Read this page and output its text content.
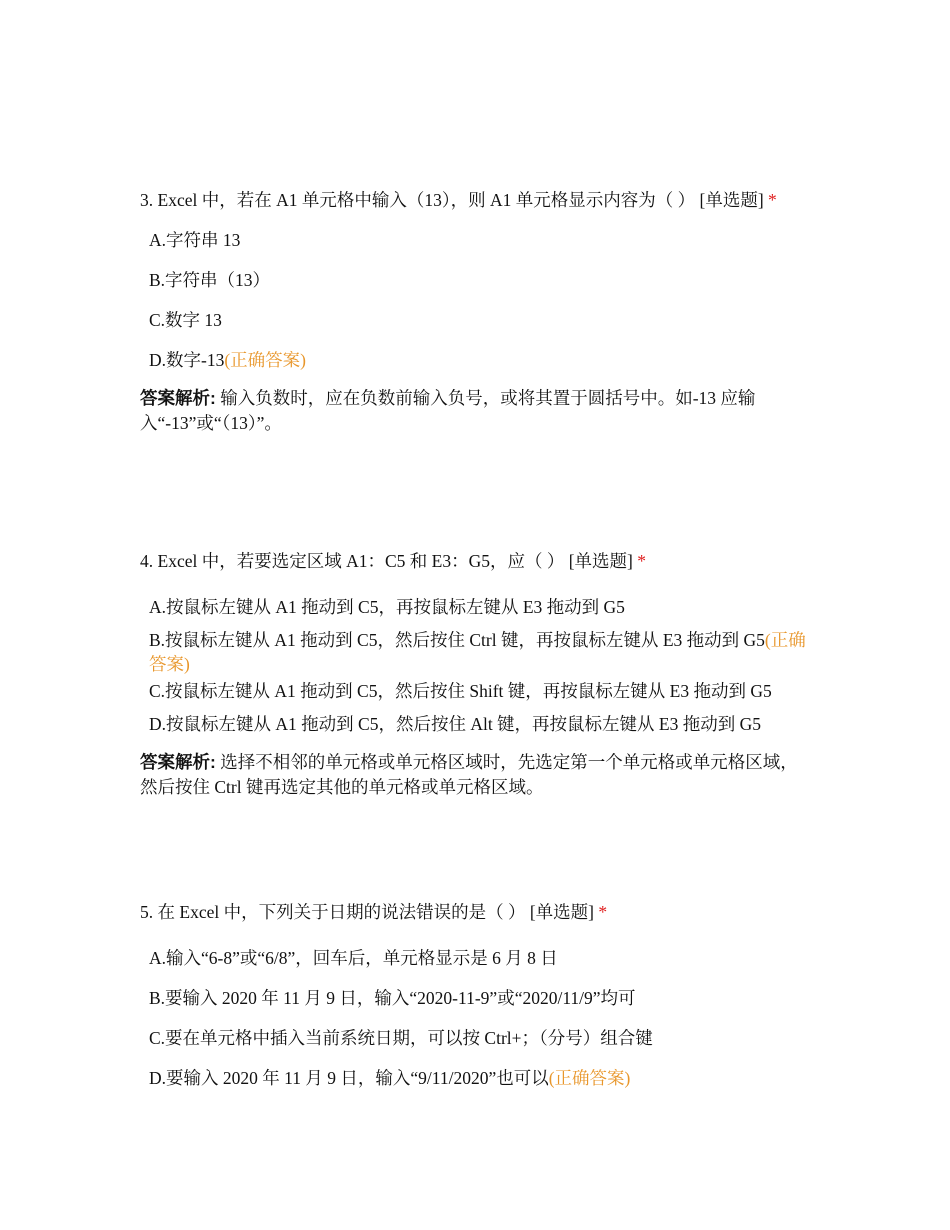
3. Excel 中，若在 A1 单元格中输入（13），则 A1 单元格显示内容为（ ） [单选题] *

A.字符串 13

B.字符串（13）

C.数字 13

D.数字-13(正确答案)

答案解析: 输入负数时，应在负数前输入负号，或将其置于圆括号中。如-13 应输入“-13”或“（13）”。

4. Excel 中，若要选定区域 A1：C5 和 E3：G5，应（ ） [单选题] *

A.按鼠标左键从 A1 拖动到 C5，再按鼠标左键从 E3 拖动到 G5

B.按鼠标左键从 A1 拖动到 C5，然后按住 Ctrl 键，再按鼠标左键从 E3 拖动到 G5(正确答案)

C.按鼠标左键从 A1 拖动到 C5，然后按住 Shift 键，再按鼠标左键从 E3 拖动到 G5

D.按鼠标左键从 A1 拖动到 C5，然后按住 Alt 键，再按鼠标左键从 E3 拖动到 G5

答案解析: 选择不相邻的单元格或单元格区域时，先选定第一个单元格或单元格区域，然后按住 Ctrl 键再选定其他的单元格或单元格区域。

5. 在 Excel 中，下列关于日期的说法错误的是（ ） [单选题] *

A.输入“6-8”或“6/8”，回车后，单元格显示是 6 月 8 日

B.要输入 2020 年 11 月 9 日，输入“2020-11-9”或“2020/11/9”均可

C.要在单元格中插入当前系统日期，可以按 Ctrl+；（分号）组合键

D.要输入 2020 年 11 月 9 日，输入“9/11/2020”也可以(正确答案)
